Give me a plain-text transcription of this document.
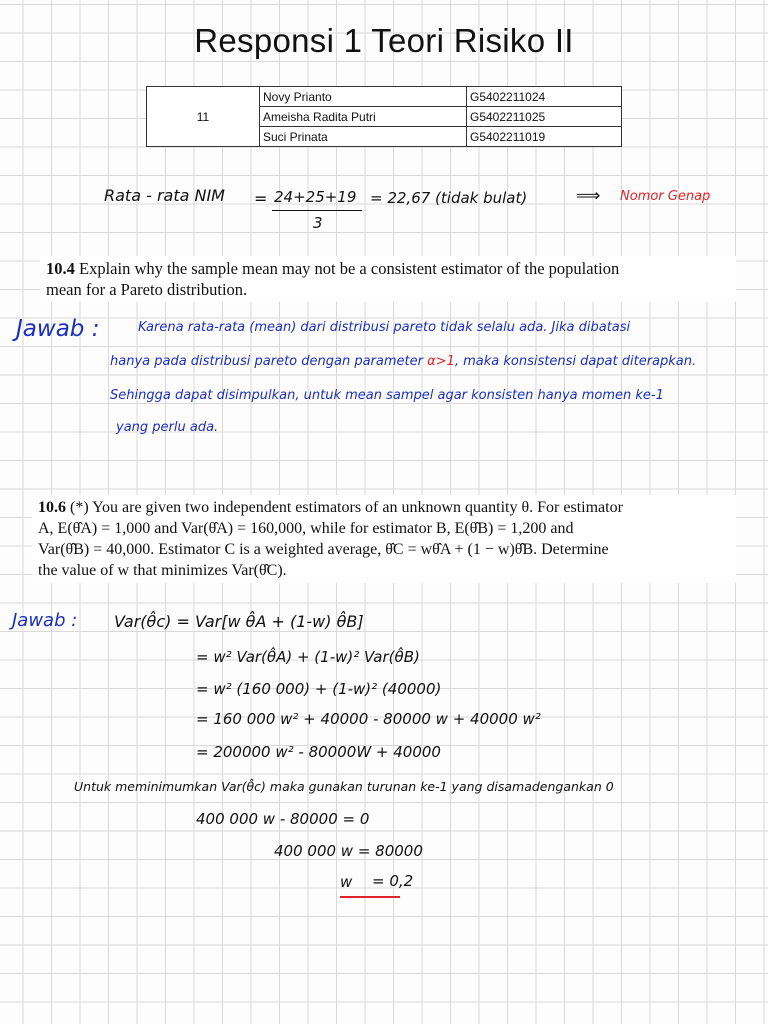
Responsi 1 Teori Risiko II
11	Novy Prianto	G5402211024
	Ameisha Radita Putri	G5402211025
	Suci Prinata	G5402211019
Rata - rata NIM = 24+25+19
3
= 22,67 (tidak bulat)	⟹ Nomor Genap
10.4 Explain why the sample mean may not be a consistent estimator of the population
mean for a Pareto distribution.
Jawab :	Karena rata-rata (mean) dari distribusi pareto tidak selalu ada. Jika dibatasi
hanya pada distribusi pareto dengan parameter α>1, maka konsistensi dapat diterapkan.
Sehingga dapat disimpulkan, untuk mean sampel agar konsisten hanya momen ke-1
yang perlu ada.
10.6 (*) You are given two independent estimators of an unknown quantity θ. For estimator
A, E(θ̂A) = 1,000 and Var(θ̂A) = 160,000, while for estimator B, E(θ̂B) = 1,200 and
Var(θ̂B) = 40,000. Estimator C is a weighted average, θ̂C = wθ̂A + (1 − w)θ̂B. Determine
the value of w that minimizes Var(θ̂C).
Jawab : Var(θ̂c) = Var[w θ̂A + (1-w) θ̂B]
= w² Var(θ̂A) + (1-w)² Var(θ̂B)
= w² (160 000) + (1-w)² (40000)
= 160 000 w² + 40000 - 80000 w + 40000 w²
= 200000 w² - 80000W + 40000
Untuk meminimumkan Var(θ̂c) maka gunakan turunan ke-1 yang disamadengankan 0
400 000 w - 80000 = 0
400 000 w = 80000
w = 0,2
